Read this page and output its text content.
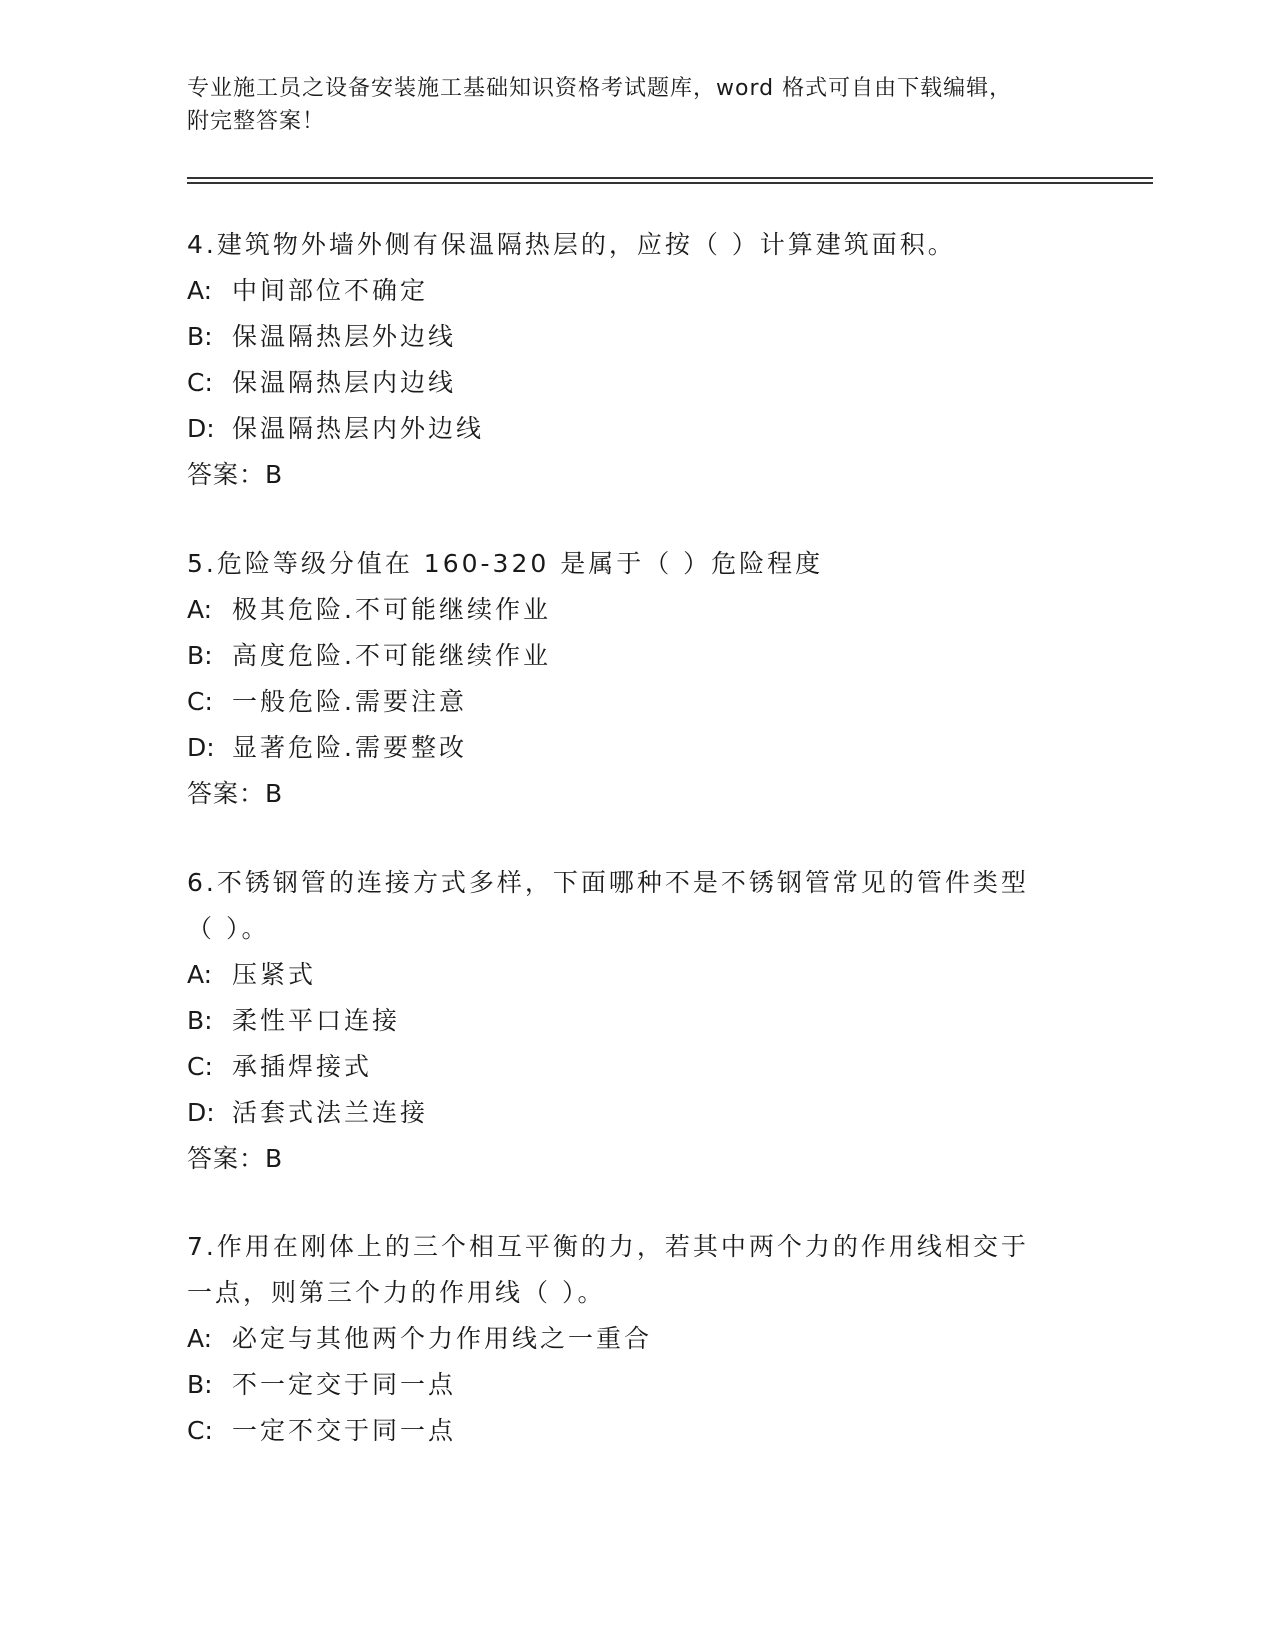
专业施工员之设备安装施工基础知识资格考试题库，word 格式可自由下载编辑，
附完整答案！
4.建筑物外墙外侧有保温隔热层的，应按（ ）计算建筑面积。
A: 中间部位不确定
B: 保温隔热层外边线
C: 保温隔热层内边线
D: 保温隔热层内外边线
答案：B
5.危险等级分值在 160-320 是属于（ ）危险程度
A: 极其危险.不可能继续作业
B: 高度危险.不可能继续作业
C: 一般危险.需要注意
D: 显著危险.需要整改
答案：B
6.不锈钢管的连接方式多样，下面哪种不是不锈钢管常见的管件类型
（ ）。
A: 压紧式
B: 柔性平口连接
C: 承插焊接式
D: 活套式法兰连接
答案：B
7.作用在刚体上的三个相互平衡的力，若其中两个力的作用线相交于
一点，则第三个力的作用线（ ）。
A: 必定与其他两个力作用线之一重合
B: 不一定交于同一点
C: 一定不交于同一点
